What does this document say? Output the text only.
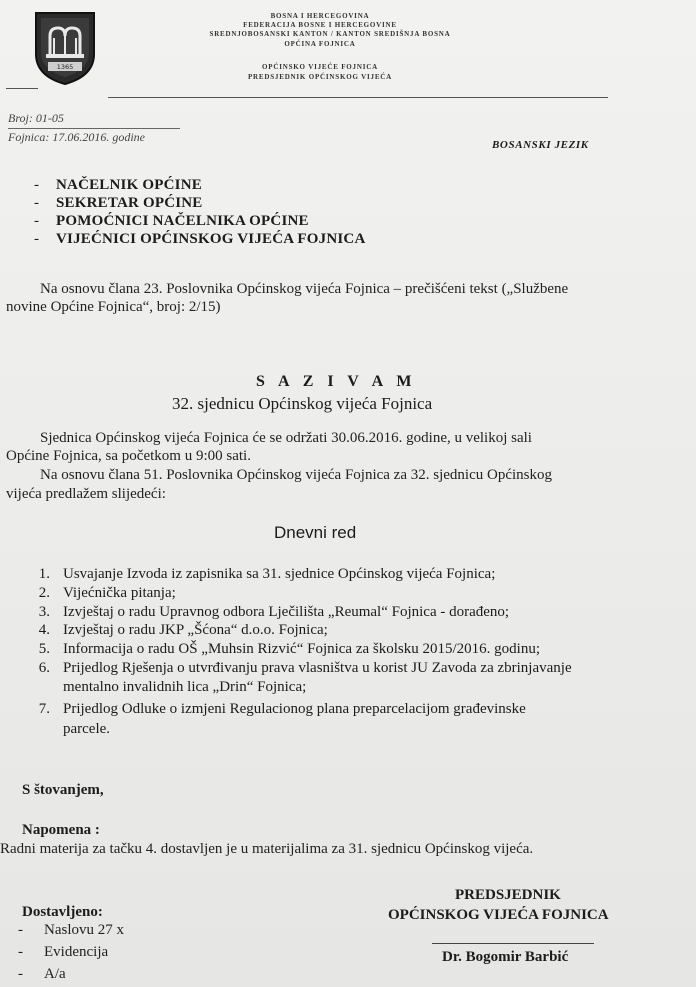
1365
BOSNA I HERCEGOVINA
FEDERACIJA BOSNE I HERCEGOVINE
SREDNJOBOSANSKI KANTON / KANTON SREDIŠNJA BOSNA
OPĆINA FOJNICA
OPĆINSKO VIJEĆE FOJNICA
PREDSJEDNIK OPĆINSKOG VIJEĆA
Broj: 01-05
Fojnica: 17.06.2016. godine
BOSANSKI JEZIK
- NAČELNIK OPĆINE
- SEKRETAR OPĆINE
- POMOĆNICI NAČELNIKA OPĆINE
- VIJEĆNICI OPĆINSKOG VIJEĆA FOJNICA
Na osnovu člana 23. Poslovnika Općinskog vijeća Fojnica – prečišćeni tekst („Službene
novine Općine Fojnica“, broj: 2/15)
S A Z I V A M
32. sjednicu Općinskog vijeća Fojnica
Sjednica Općinskog vijeća Fojnica će se održati 30.06.2016. godine, u velikoj sali
Općine Fojnica, sa početkom u 9:00 sati.
Na osnovu člana 51. Poslovnika Općinskog vijeća Fojnica za 32. sjednicu Općinskog
vijeća predlažem slijedeći:
Dnevni red
1. Usvajanje Izvoda iz zapisnika sa 31. sjednice Općinskog vijeća Fojnica;
2. Vijećnička pitanja;
3. Izvještaj o radu Upravnog odbora Lječilišta „Reumal“ Fojnica - dorađeno;
4. Izvještaj o radu JKP „Šćona“ d.o.o. Fojnica;
5. Informacija o radu OŠ „Muhsin Rizvić“ Fojnica za školsku 2015/2016. godinu;
6. Prijedlog Rješenja o utvrđivanju prava vlasništva u korist JU Zavoda za zbrinjavanje
mentalno invalidnih lica „Drin“ Fojnica;
7. Prijedlog Odluke o izmjeni Regulacionog plana preparcelacijom građevinske
parcele.
S štovanjem,
Napomena :
Radni materija za tačku 4. dostavljen je u materijalima za 31. sjednicu Općinskog vijeća.
PREDSJEDNIK
OPĆINSKOG VIJEĆA FOJNICA
Dr. Bogomir Barbić
Dostavljeno:
- Naslovu 27 x
- Evidencija
- A/a
